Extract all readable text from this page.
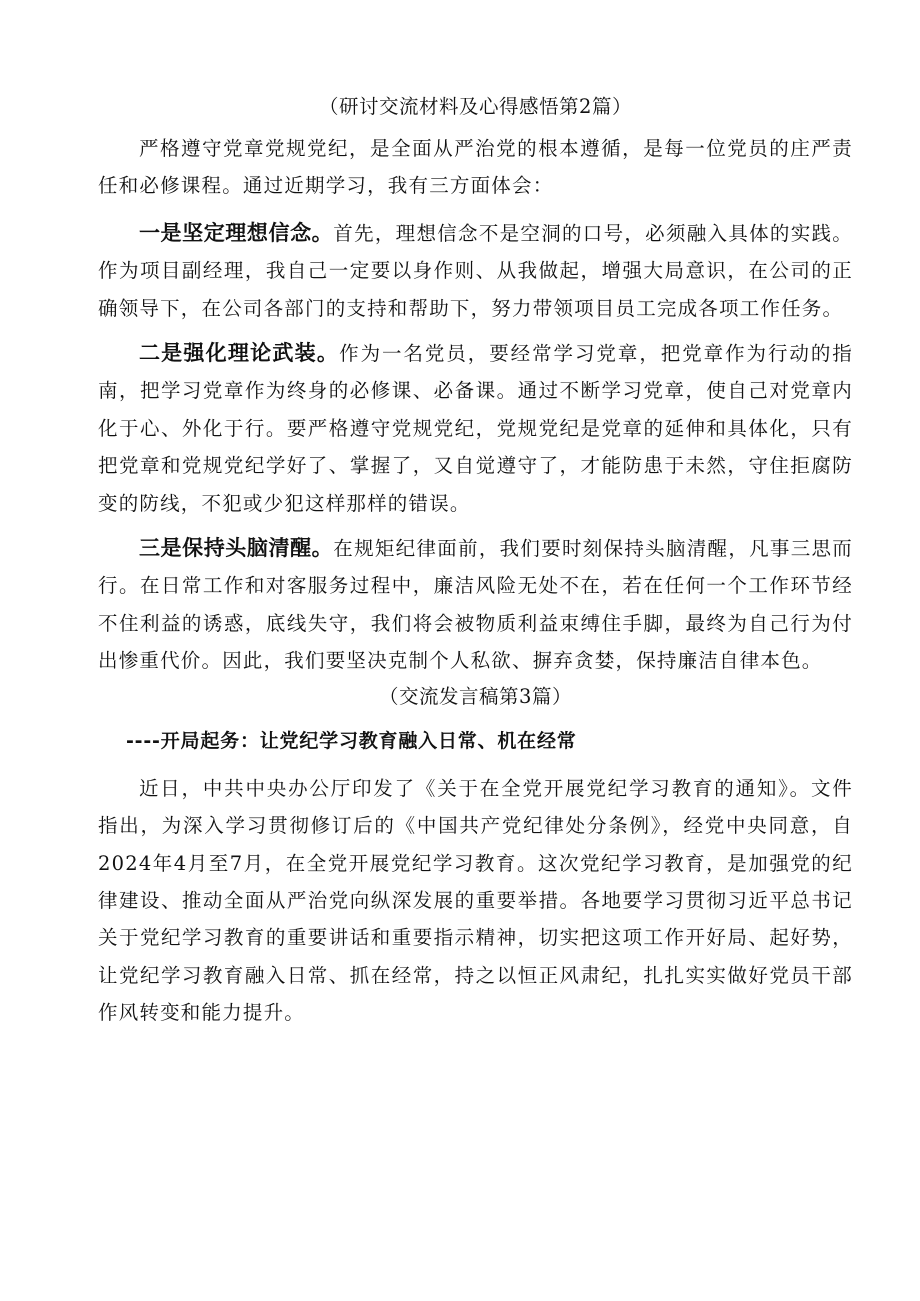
（研讨交流材料及心得感悟第2篇）

严格遵守党章党规党纪，是全面从严治党的根本遵循，是每一位党员的庄严责任和必修课程。通过近期学习，我有三方面体会：

一是坚定理想信念。首先，理想信念不是空洞的口号，必须融入具体的实践。作为项目副经理，我自己一定要以身作则、从我做起，增强大局意识，在公司的正确领导下，在公司各部门的支持和帮助下，努力带领项目员工完成各项工作任务。

二是强化理论武装。作为一名党员，要经常学习党章，把党章作为行动的指南，把学习党章作为终身的必修课、必备课。通过不断学习党章，使自己对党章内化于心、外化于行。要严格遵守党规党纪，党规党纪是党章的延伸和具体化，只有把党章和党规党纪学好了、掌握了，又自觉遵守了，才能防患于未然，守住拒腐防变的防线，不犯或少犯这样那样的错误。

三是保持头脑清醒。在规矩纪律面前，我们要时刻保持头脑清醒，凡事三思而行。在日常工作和对客服务过程中，廉洁风险无处不在，若在任何一个工作环节经不住利益的诱惑，底线失守，我们将会被物质利益束缚住手脚，最终为自己行为付出惨重代价。因此，我们要坚决克制个人私欲、摒弃贪婪，保持廉洁自律本色。

（交流发言稿第3篇）
----开局起务：让党纪学习教育融入日常、机在经常

近日，中共中央办公厅印发了《关于在全党开展党纪学习教育的通知》。文件指出，为深入学习贯彻修订后的《中国共产党纪律处分条例》，经党中央同意，自2024年4月至7月，在全党开展党纪学习教育。这次党纪学习教育，是加强党的纪律建设、推动全面从严治党向纵深发展的重要举措。各地要学习贯彻习近平总书记关于党纪学习教育的重要讲话和重要指示精神，切实把这项工作开好局、起好势，让党纪学习教育融入日常、抓在经常，持之以恒正风肃纪，扎扎实实做好党员干部作风转变和能力提升。
